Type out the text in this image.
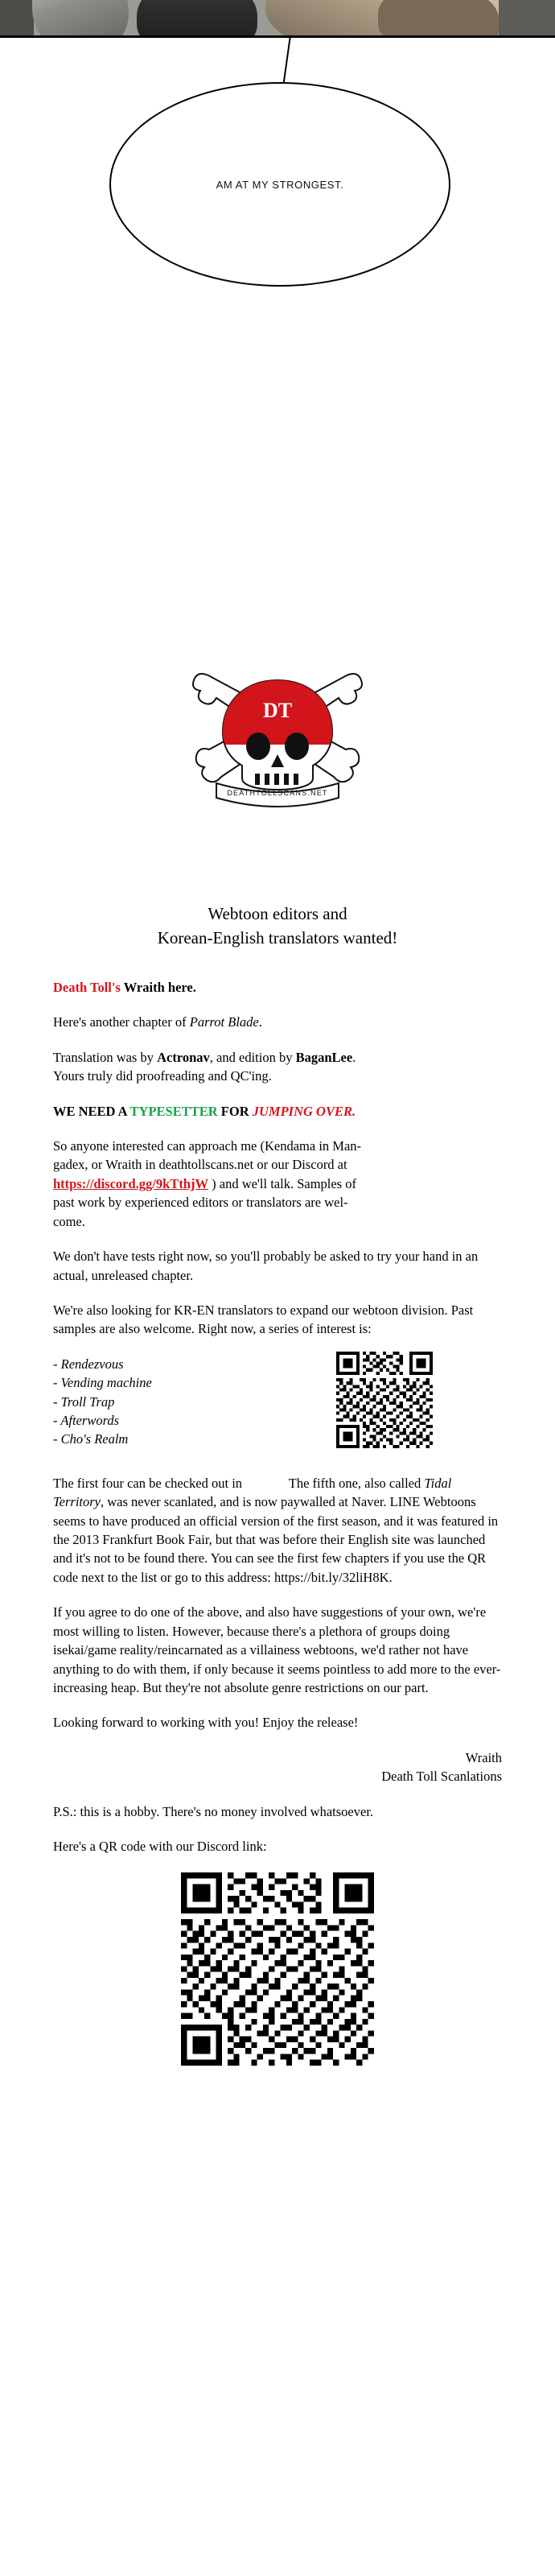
AM AT MY STRONGEST.
DT
DEATHTOLLSCANS.NET
Webtoon editors and
Korean-English translators wanted!

Death Toll's Wraith here.

Here's another chapter of Parrot Blade.

Translation was by Actronav, and edition by BaganLee.
Yours truly did proofreading and QC'ing.

WE NEED A TYPESETTER FOR JUMPING OVER.

So anyone interested can approach me (Kendama in Man-
gadex, or Wraith in deathtollscans.net or our Discord at
https://discord.gg/9kTthjW ) and we'll talk. Samples of
past work by experienced editors or translators are wel-
come.

We don't have tests right now, so you'll probably be asked to try your hand in an actual, unreleased chapter.

We're also looking for KR-EN translators to expand our webtoon division. Past samples are also welcome. Right now, a series of interest is:

- Rendezvous
- Vending machine
- Troll Trap
- Afterwords
- Cho's Realm

The first four can be checked out in	The fifth one, also called Tidal Territory, was never scanlated, and is now paywalled at Naver. LINE Webtoons seems to have produced an official version of the first season, and it was featured in the 2013 Frankfurt Book Fair, but that was before their English site was launched and it's not to be found there. You can see the first few chapters if you use the QR code next to the list or go to this address: https://bit.ly/32liH8K.

If you agree to do one of the above, and also have suggestions of your own, we're most willing to listen. However, because there's a plethora of groups doing isekai/game reality/reincarnated as a villainess webtoons, we'd rather not have anything to do with them, if only because it seems pointless to add more to the ever-increasing heap. But they're not absolute genre restrictions on our part.

Looking forward to working with you! Enjoy the release!

Wraith
Death Toll Scanlations

P.S.: this is a hobby. There's no money involved whatsoever.

Here's a QR code with our Discord link:
